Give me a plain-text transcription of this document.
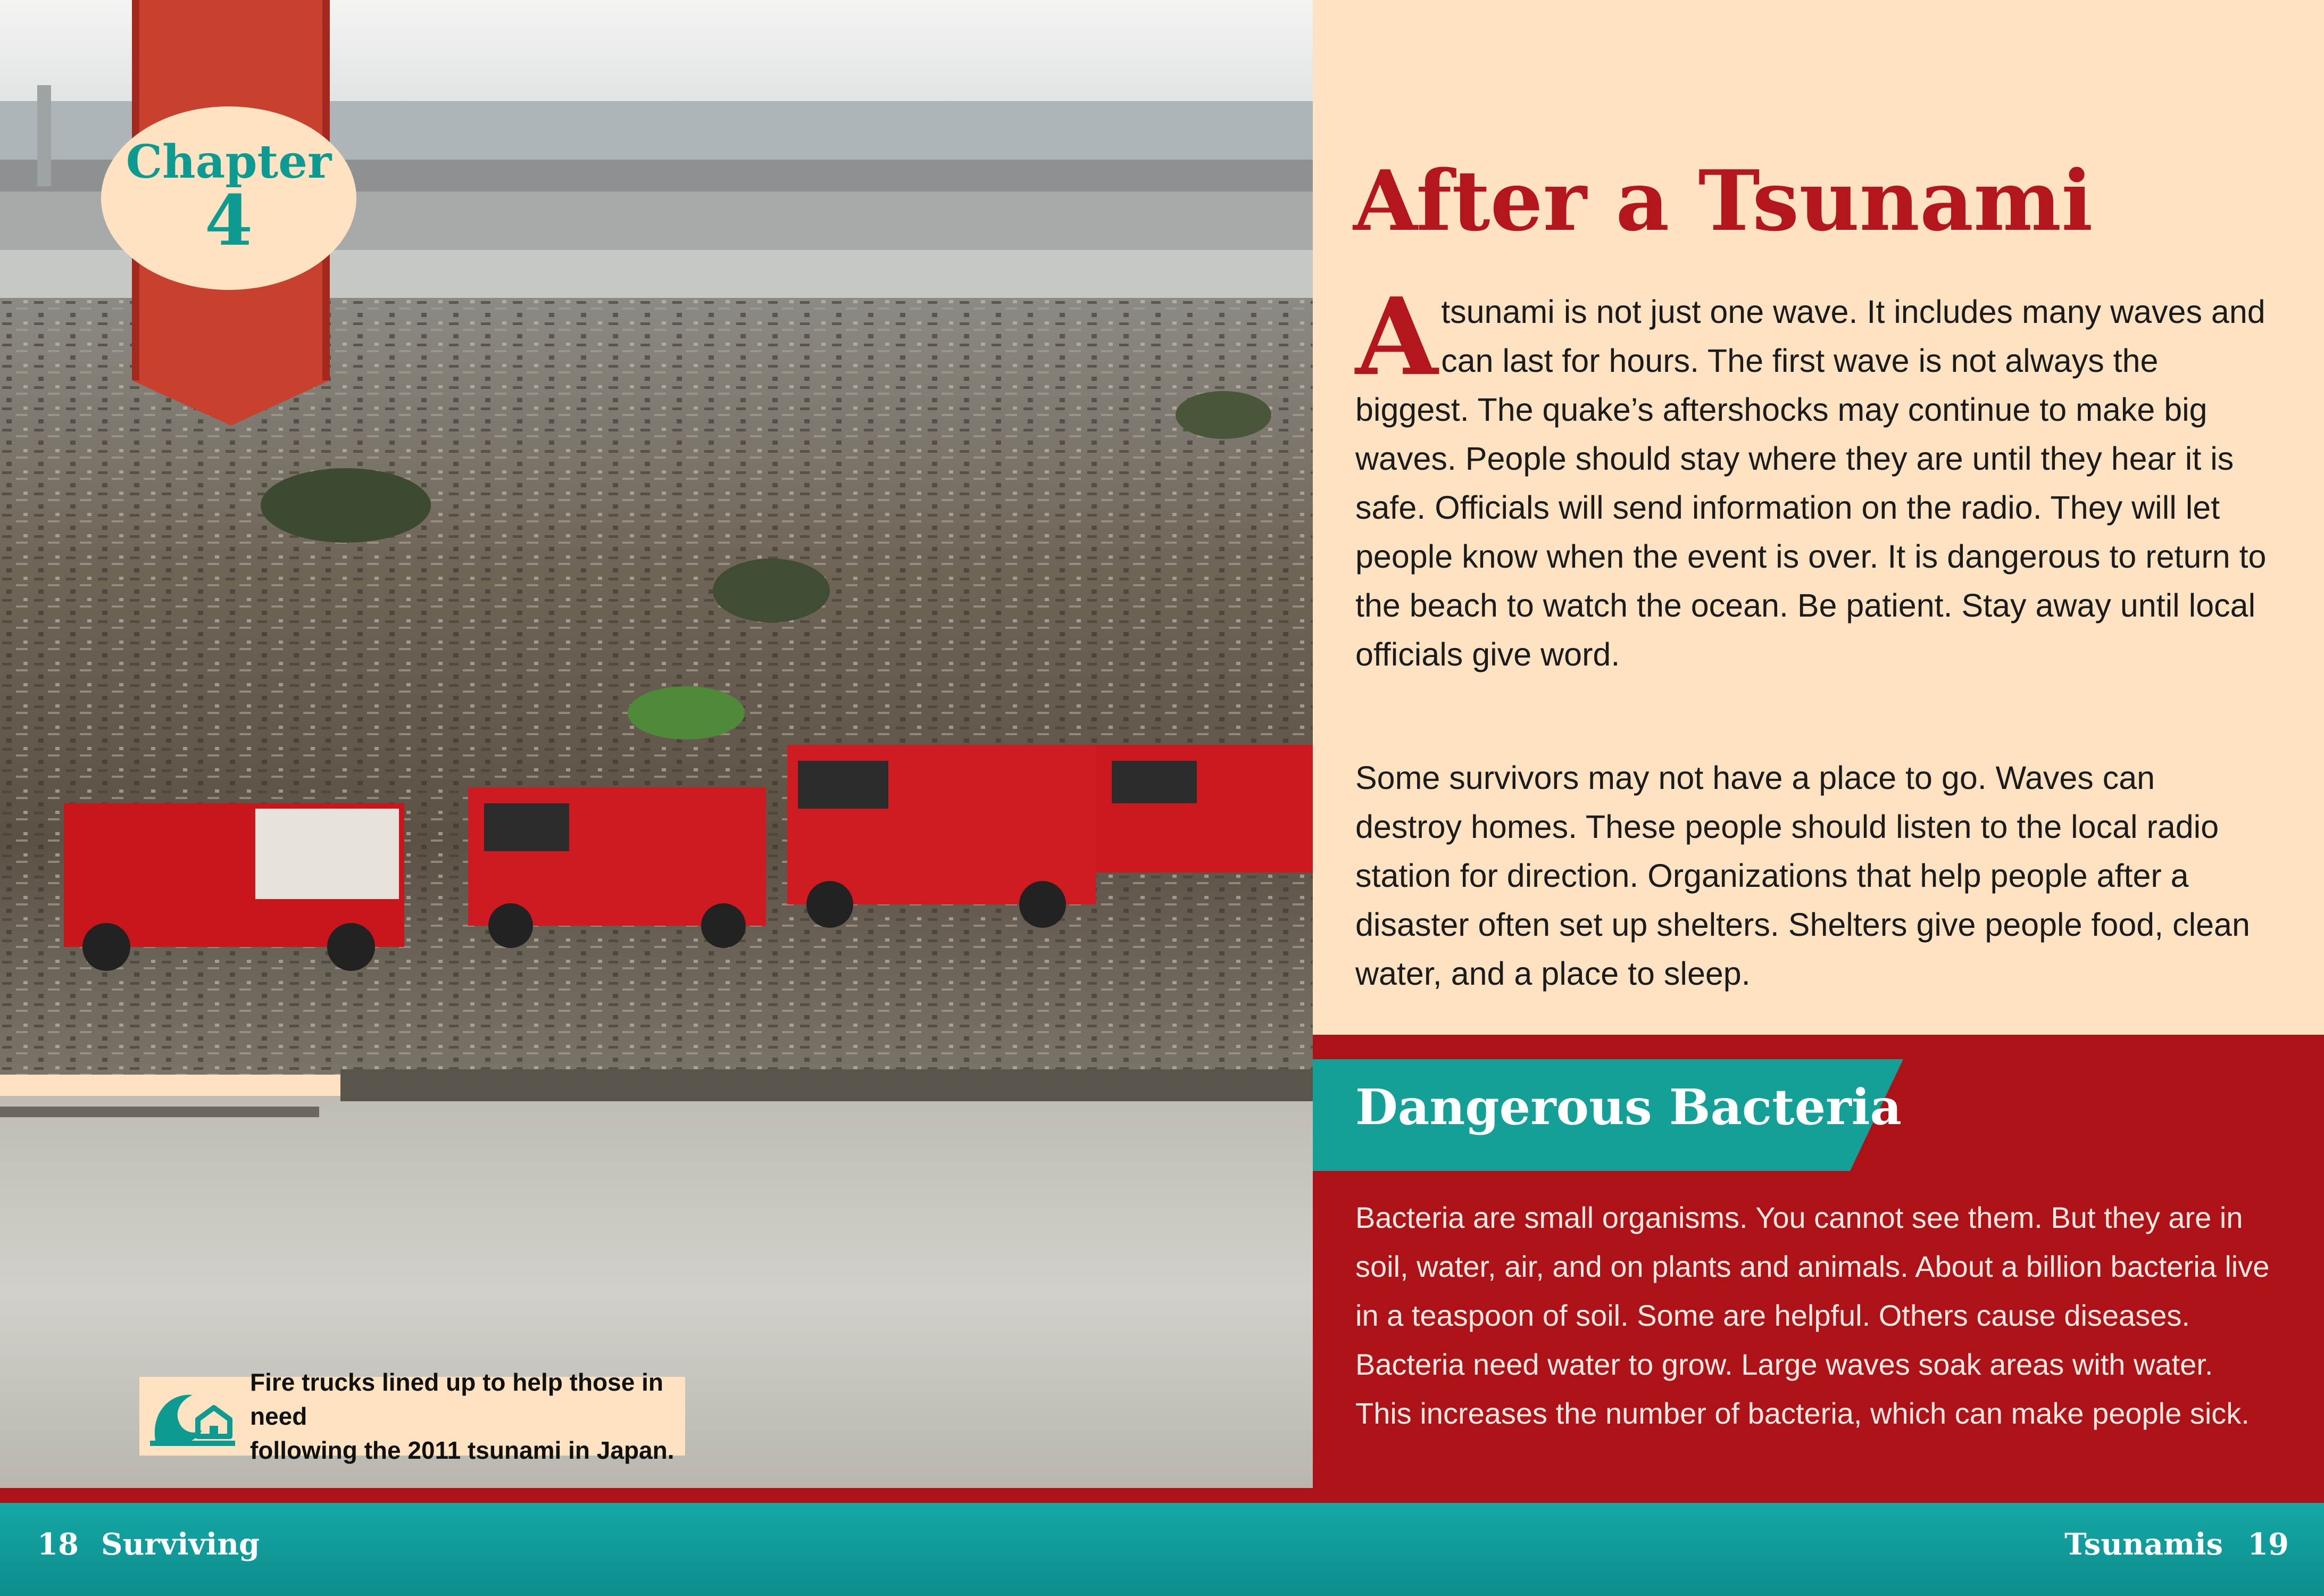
Chapter
4
Fire trucks lined up to help those in need
following the 2011 tsunami in Japan.
After a Tsunami

A tsunami is not just one wave. It includes many waves and can last for hours. The first wave is not always the biggest. The quake’s aftershocks may continue to make big waves. People should stay where they are until they hear it is safe. Officials will send information on the radio. They will let people know when the event is over. It is dangerous to return to the beach to watch the ocean. Be patient. Stay away until local officials give word.

Some survivors may not have a place to go. Waves can destroy homes. These people should listen to the local radio station for direction. Organizations that help people after a disaster often set up shelters. Shelters give people food, clean water, and a place to sleep.

Dangerous Bacteria

Bacteria are small organisms. You cannot see them. But they are in soil, water, air, and on plants and animals. About a billion bacteria live in a teaspoon of soil. Some are helpful. Others cause diseases. Bacteria need water to grow. Large waves soak areas with water. This increases the number of bacteria, which can make people sick.

18 Surviving	Tsunamis 19
